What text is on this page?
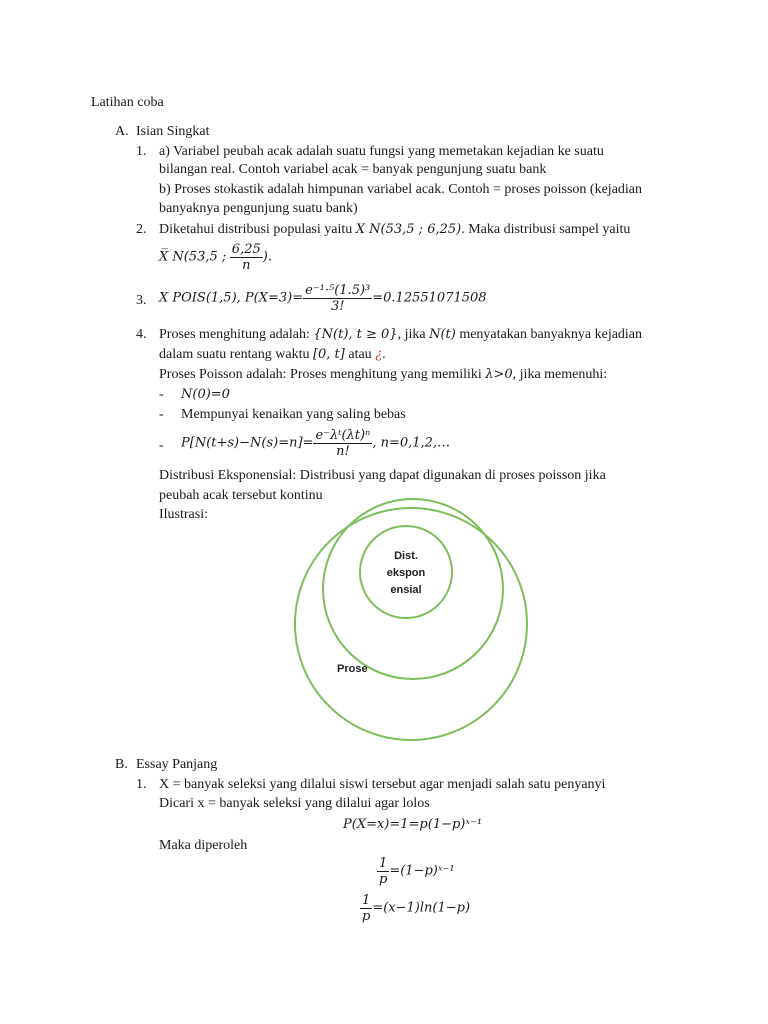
Latihan coba
A. Isian Singkat
1. a) Variabel peubah acak adalah suatu fungsi yang memetakan kejadian ke suatu
bilangan real. Contoh variabel acak = banyak pengunjung suatu bank
b) Proses stokastik adalah himpunan variabel acak. Contoh = proses poisson (kejadian
banyaknya pengunjung suatu bank)
2. Diketahui distribusi populasi yaitu X N(53,5 ; 6,25). Maka distribusi sampel yaitu
X̅ N(53,5 ; $\frac{6,25}{n}$ ).
3. X POIS(1,5), $P(X=3)= \frac{\text{e⁻¹·⁵(1.5)³}}{3!} =0.12551071508$
4. Proses menghitung adalah: {N(t), t ≥ 0}, jika N(t) menyatakan banyaknya kejadian
dalam suatu rentang waktu [0, t] atau ¿.
Proses Poisson adalah: Proses menghitung yang memiliki λ>0, jika memenuhi:
- N(0)=0
- Mempunyai kenaikan yang saling bebas
- $P[N(t+s)-N(s)=n]= \frac{\text{e⁻λᵗ(λt)ⁿ}}{n!}$ , n=0,1,2,…
Distribusi Eksponensial: Distribusi yang dapat digunakan di proses poisson jika
peubah acak tersebut kontinu
Ilustrasi:
Dist.
ekspon
ensial
Prose
B. Essay Panjang
1. X = banyak seleksi yang dilalui siswi tersebut agar menjadi salah satu penyanyi
Dicari x = banyak seleksi yang dilalui agar lolos
P(X=x)=1=p(1−p)ˣ⁻¹
Maka diperoleh
$\frac{1}{p}$ =(1−p)ˣ⁻¹
$\frac{1}{p} =(x-1)\ln(1-p)$
